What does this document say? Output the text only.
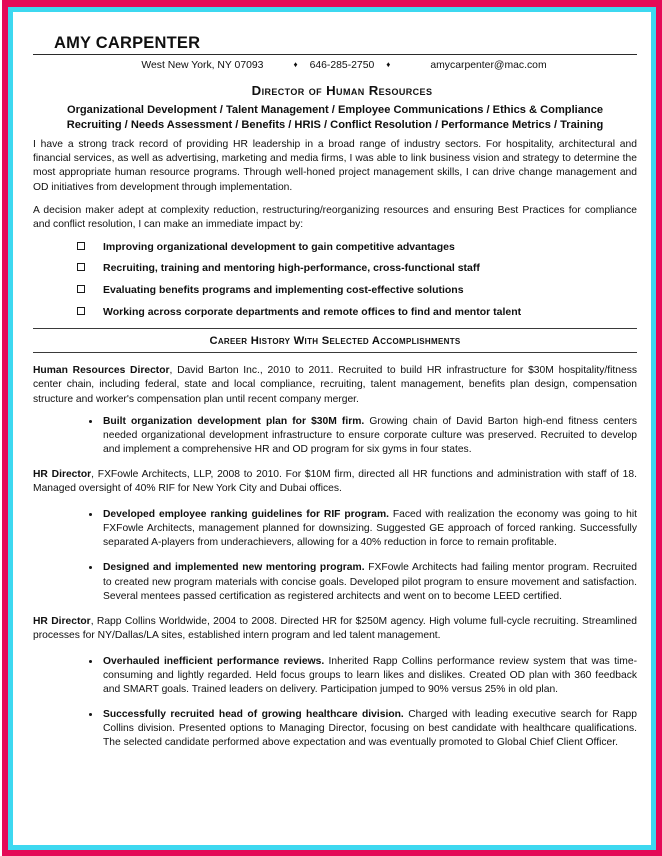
AMY CARPENTER
West New York, NY 07093	♦ 646-285-2750 ♦	amycarpenter@mac.com
Director of Human Resources
Organizational Development / Talent Management / Employee Communications / Ethics & Compliance
Recruiting / Needs Assessment / Benefits / HRIS / Conflict Resolution / Performance Metrics / Training

I have a strong track record of providing HR leadership in a broad range of industry sectors. For hospitality, architectural and financial services, as well as advertising, marketing and media firms, I was able to link business vision and strategy to determine the most appropriate human resource programs. Through well-honed project management skills, I can drive change management and OD initiatives from development through implementation.

A decision maker adept at complexity reduction, restructuring/reorganizing resources and ensuring Best Practices for compliance and conflict resolution, I can make an immediate impact by:

Improving organizational development to gain competitive advantages
Recruiting, training and mentoring high-performance, cross-functional staff
Evaluating benefits programs and implementing cost-effective solutions
Working across corporate departments and remote offices to find and mentor talent
Career History With Selected Accomplishments

Human Resources Director, David Barton Inc., 2010 to 2011. Recruited to build HR infrastructure for $30M hospitality/fitness center chain, including federal, state and local compliance, recruiting, talent management, benefits plan design, compensation structure and worker's compensation plan until recent company merger.

Built organization development plan for $30M firm. Growing chain of David Barton high-end fitness centers needed organizational development infrastructure to ensure corporate culture was preserved. Recruited to develop and implement a comprehensive HR and OD program for six gyms in four states.

HR Director, FXFowle Architects, LLP, 2008 to 2010. For $10M firm, directed all HR functions and administration with staff of 18. Managed oversight of 40% RIF for New York City and Dubai offices.

Developed employee ranking guidelines for RIF program. Faced with realization the economy was going to hit FXFowle Architects, management planned for downsizing. Suggested GE approach of forced ranking. Successfully separated A-players from underachievers, allowing for a 40% reduction in force to remain profitable.
Designed and implemented new mentoring program. FXFowle Architects had failing mentor program. Recruited to created new program materials with concise goals. Developed pilot program to ensure movement and satisfaction. Several mentees passed certification as registered architects and went on to become LEED certified.

HR Director, Rapp Collins Worldwide, 2004 to 2008. Directed HR for $250M agency. High volume full-cycle recruiting. Streamlined processes for NY/Dallas/LA sites, established intern program and led talent management.

Overhauled inefficient performance reviews. Inherited Rapp Collins performance review system that was time-consuming and lightly regarded. Held focus groups to learn likes and dislikes. Created OD plan with 360 feedback and SMART goals. Trained leaders on delivery. Participation jumped to 90% versus 25% in old plan.
Successfully recruited head of growing healthcare division. Charged with leading executive search for Rapp Collins division. Presented options to Managing Director, focusing on best candidate with healthcare qualifications. The selected candidate performed above expectation and was eventually promoted to Global Chief Client Officer.
